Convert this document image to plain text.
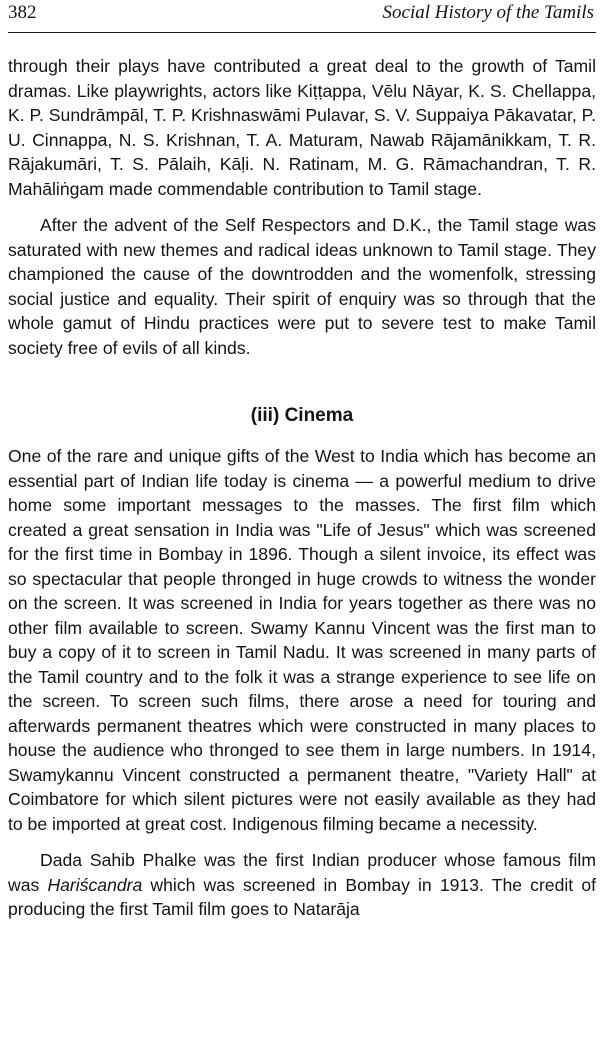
382	Social History of the Tamils

through their plays have contributed a great deal to the growth of Tamil dramas. Like playwrights, actors like Kiṭṭappa, Vēlu Nāyar, K. S. Chellappa, K. P. Sundrāmpāl, T. P. Krishnaswāmi Pulavar, S. V. Suppaiya Pākavatar, P. U. Cinnappa, N. S. Krishnan, T. A. Maturam, Nawab Rājamānikkam, T. R. Rājakumāri, T. S. Pālaih, Kāḷi. N. Ratinam, M. G. Rāmachandran, T. R. Mahāliṅgam made commendable contribution to Tamil stage.

After the advent of the Self Respectors and D.K., the Tamil stage was saturated with new themes and radical ideas unknown to Tamil stage. They championed the cause of the downtrodden and the womenfolk, stressing social justice and equality. Their spirit of enquiry was so through that the whole gamut of Hindu practices were put to severe test to make Tamil society free of evils of all kinds.

(iii) Cinema

One of the rare and unique gifts of the West to India which has become an essential part of Indian life today is cinema — a powerful medium to drive home some important messages to the masses. The first film which created a great sensation in India was "Life of Jesus" which was screened for the first time in Bombay in 1896. Though a silent invoice, its effect was so spectacular that people thronged in huge crowds to witness the wonder on the screen. It was screened in India for years together as there was no other film available to screen. Swamy Kannu Vincent was the first man to buy a copy of it to screen in Tamil Nadu. It was screened in many parts of the Tamil country and to the folk it was a strange experience to see life on the screen. To screen such films, there arose a need for touring and afterwards permanent theatres which were constructed in many places to house the audience who thronged to see them in large numbers. In 1914, Swamykannu Vincent constructed a permanent theatre, "Variety Hall" at Coimbatore for which silent pictures were not easily available as they had to be imported at great cost. Indigenous filming became a necessity.

Dada Sahib Phalke was the first Indian producer whose famous film was Hariścandra which was screened in Bombay in 1913. The credit of producing the first Tamil film goes to Natarāja
